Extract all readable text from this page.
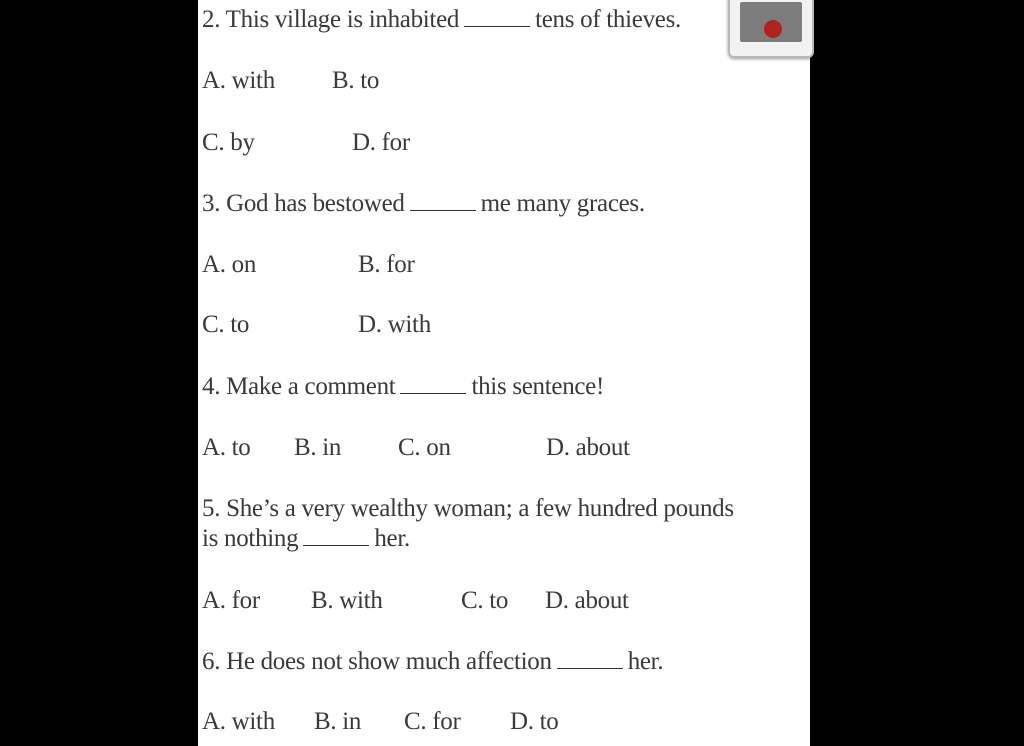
2. This village is inhabited	tens of thieves.
A. with B. to
C. by	D. for
3. God has bestowed	me many graces.
A. on	B. for
C. to	D. with
4. Make a comment	this sentence!
A. to B. in C. on	D. about
5. She’s a very wealthy woman; a few hundred pounds
is nothing	her.
A. for B. with	C. to D. about
6. He does not show much affection	her.
A. with B. in C. for D. to
